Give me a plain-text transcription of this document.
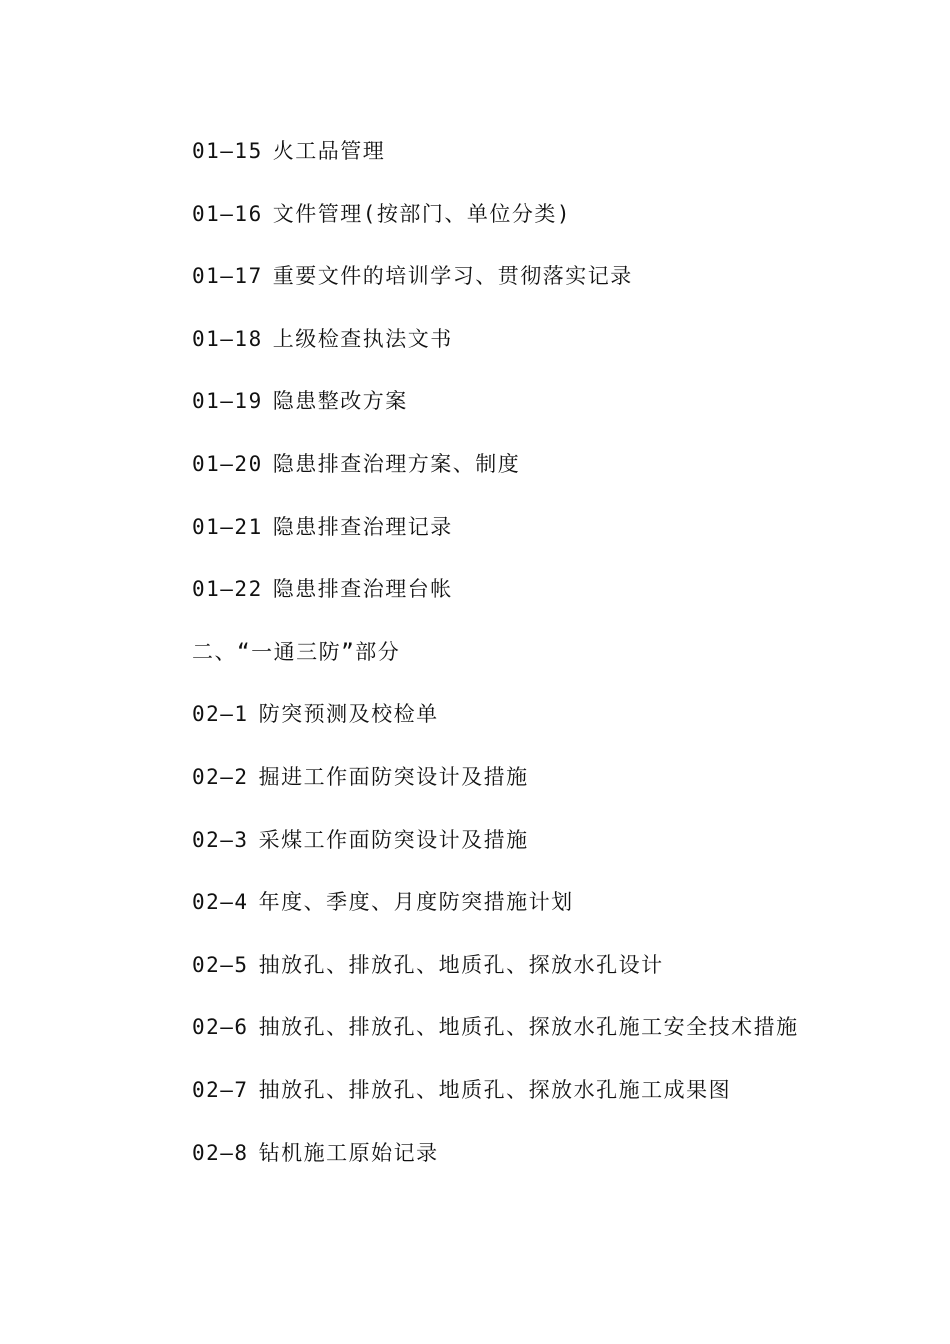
01—15 火工品管理
01—16 文件管理(按部门、单位分类)
01—17 重要文件的培训学习、贯彻落实记录
01—18 上级检查执法文书
01—19 隐患整改方案
01—20 隐患排查治理方案、制度
01—21 隐患排查治理记录
01—22 隐患排查治理台帐
二、“一通三防”部分
02—1 防突预测及校检单
02—2 掘进工作面防突设计及措施
02—3 采煤工作面防突设计及措施
02—4 年度、季度、月度防突措施计划
02—5 抽放孔、排放孔、地质孔、探放水孔设计
02—6 抽放孔、排放孔、地质孔、探放水孔施工安全技术措施
02—7 抽放孔、排放孔、地质孔、探放水孔施工成果图
02—8 钻机施工原始记录
